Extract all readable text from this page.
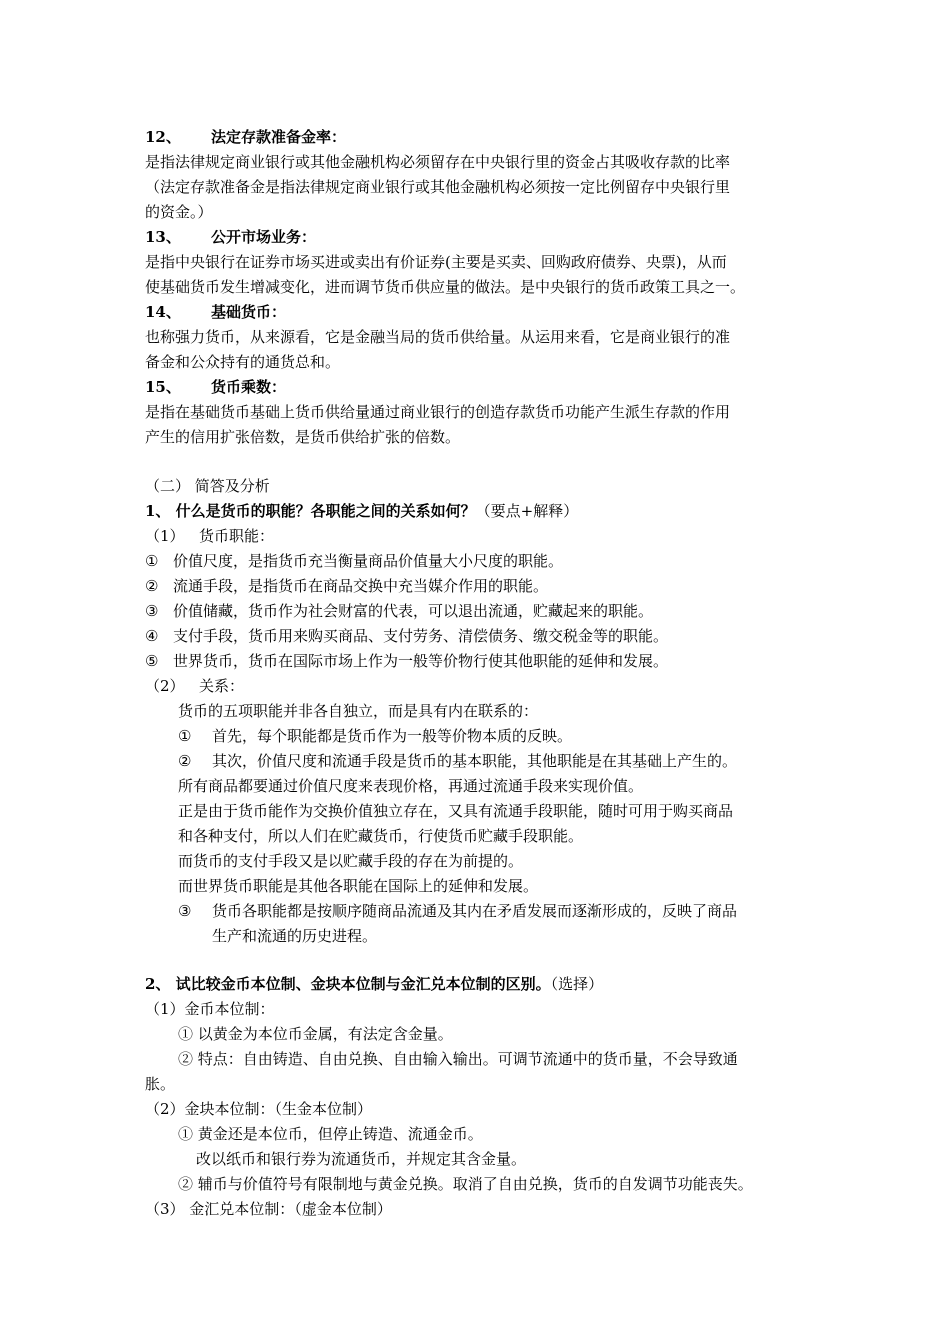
12、 法定存款准备金率：
是指法律规定商业银行或其他金融机构必须留存在中央银行里的资金占其吸收存款的比率
（法定存款准备金是指法律规定商业银行或其他金融机构必须按一定比例留存中央银行里
的资金。）
13、 公开市场业务：
是指中央银行在证券市场买进或卖出有价证券(主要是买卖、回购政府债券、央票)，从而
使基础货币发生增减变化，进而调节货币供应量的做法。是中央银行的货币政策工具之一。
14、 基础货币：
也称强力货币，从来源看，它是金融当局的货币供给量。从运用来看，它是商业银行的准
备金和公众持有的通货总和。
15、 货币乘数：
是指在基础货币基础上货币供给量通过商业银行的创造存款货币功能产生派生存款的作用
产生的信用扩张倍数，是货币供给扩张的倍数。
（二） 简答及分析
1、 什么是货币的职能？各职能之间的关系如何？（要点+解释）
（1） 货币职能：
① 价值尺度，是指货币充当衡量商品价值量大小尺度的职能。
② 流通手段，是指货币在商品交换中充当媒介作用的职能。
③ 价值储藏，货币作为社会财富的代表，可以退出流通，贮藏起来的职能。
④ 支付手段，货币用来购买商品、支付劳务、清偿债务、缴交税金等的职能。
⑤ 世界货币，货币在国际市场上作为一般等价物行使其他职能的延伸和发展。
（2） 关系：
货币的五项职能并非各自独立，而是具有内在联系的：
① 首先，每个职能都是货币作为一般等价物本质的反映。
② 其次，价值尺度和流通手段是货币的基本职能，其他职能是在其基础上产生的。
所有商品都要通过价值尺度来表现价格，再通过流通手段来实现价值。
正是由于货币能作为交换价值独立存在，又具有流通手段职能，随时可用于购买商品
和各种支付，所以人们在贮藏货币，行使货币贮藏手段职能。
而货币的支付手段又是以贮藏手段的存在为前提的。
而世界货币职能是其他各职能在国际上的延伸和发展。
③ 货币各职能都是按顺序随商品流通及其内在矛盾发展而逐渐形成的，反映了商品
生产和流通的历史进程。
2、 试比较金币本位制、金块本位制与金汇兑本位制的区别。（选择）
（1）金币本位制：
① 以黄金为本位币金属，有法定含金量。
② 特点：自由铸造、自由兑换、自由输入输出。可调节流通中的货币量，不会导致通
胀。
（2）金块本位制：（生金本位制）
① 黄金还是本位币，但停止铸造、流通金币。
改以纸币和银行券为流通货币，并规定其含金量。
② 辅币与价值符号有限制地与黄金兑换。取消了自由兑换，货币的自发调节功能丧失。
（3） 金汇兑本位制：（虚金本位制）
